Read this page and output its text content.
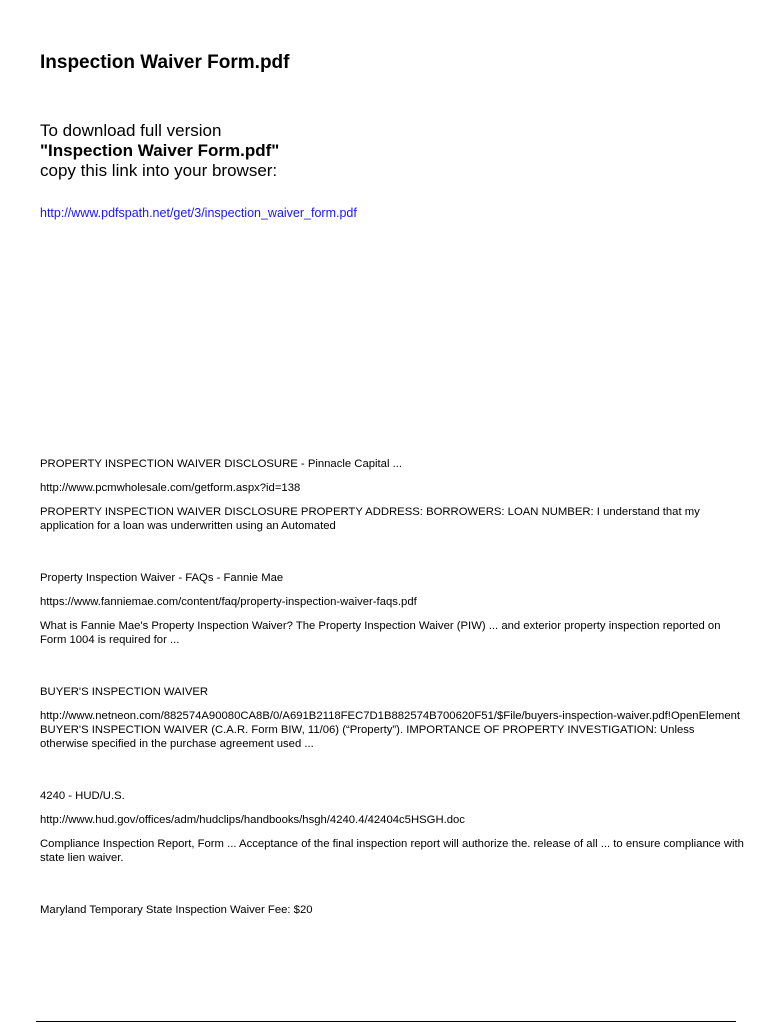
Inspection Waiver Form.pdf
To download full version
"Inspection Waiver Form.pdf"
copy this link into your browser:
http://www.pdfspath.net/get/3/inspection_waiver_form.pdf

PROPERTY INSPECTION WAIVER DISCLOSURE - Pinnacle Capital ...

http://www.pcmwholesale.com/getform.aspx?id=138

PROPERTY INSPECTION WAIVER DISCLOSURE PROPERTY ADDRESS: BORROWERS: LOAN NUMBER: I understand that my application for a loan was underwritten using an Automated

Property Inspection Waiver - FAQs - Fannie Mae

https://www.fanniemae.com/content/faq/property-inspection-waiver-faqs.pdf

What is Fannie Mae's Property Inspection Waiver? The Property Inspection Waiver (PIW) ... and exterior property inspection reported on Form 1004 is required for ...

BUYER'S INSPECTION WAIVER

http://www.netneon.com/882574A90080CA8B/0/A691B2118FEC7D1B882574B700620F51/$File/buyers-inspection-waiver.pdf!OpenElement

BUYER'S INSPECTION WAIVER (C.A.R. Form BIW, 11/06) (“Property”). IMPORTANCE OF PROPERTY INVESTIGATION: Unless otherwise specified in the purchase agreement used ...

4240 - HUD/U.S.

http://www.hud.gov/offices/adm/hudclips/handbooks/hsgh/4240.4/42404c5HSGH.doc

Compliance Inspection Report, Form ... Acceptance of the final inspection report will authorize the. release of all ... to ensure compliance with state lien waiver.

Maryland Temporary State Inspection Waiver Fee: $20
